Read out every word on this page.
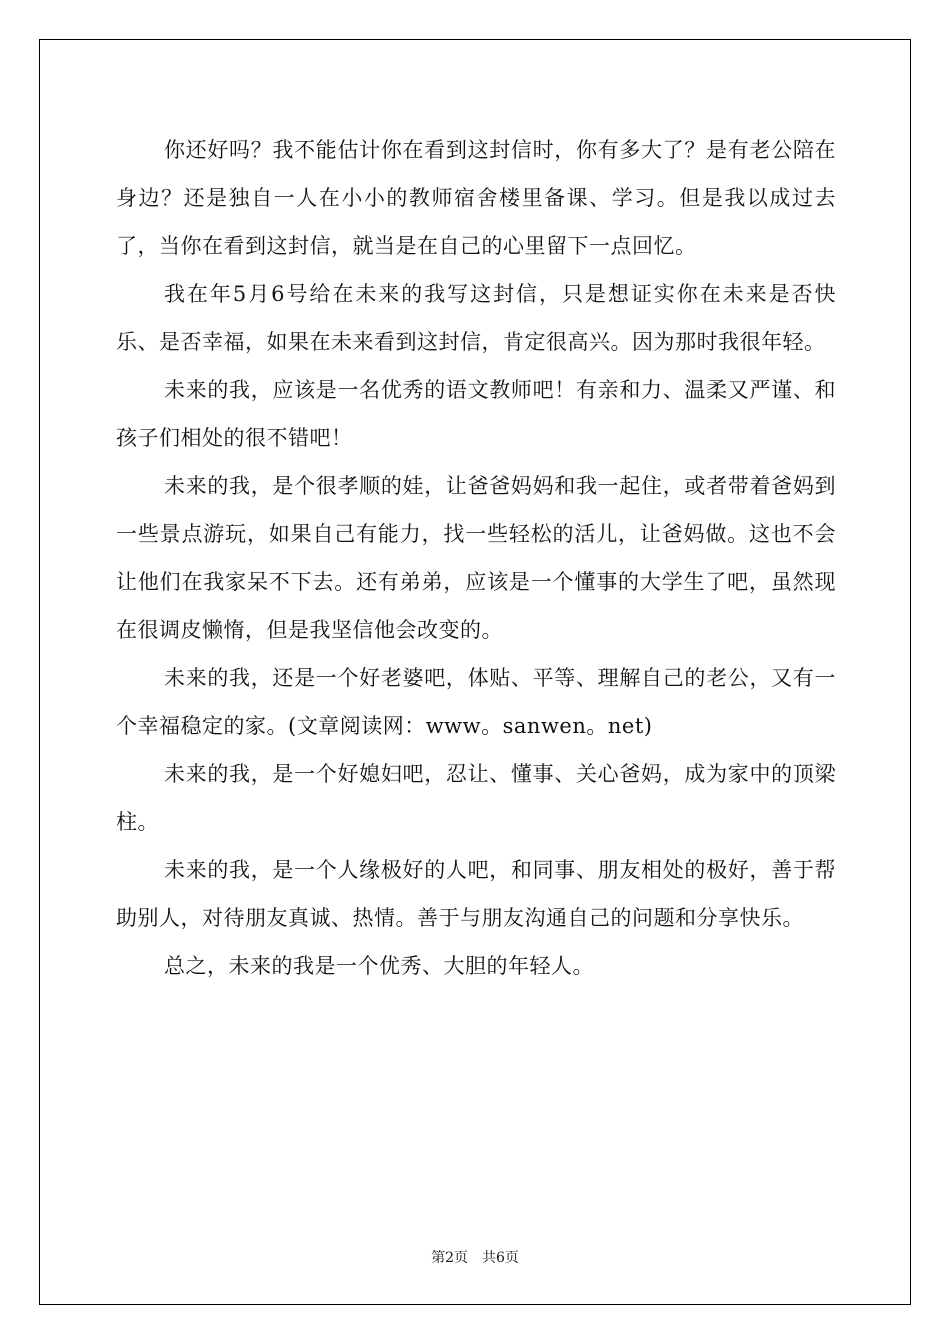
你还好吗？我不能估计你在看到这封信时，你有多大了？是有老公陪在身边？还是独自一人在小小的教师宿舍楼里备课、学习。但是我以成过去了，当你在看到这封信，就当是在自己的心里留下一点回忆。

我在年5月6号给在未来的我写这封信，只是想证实你在未来是否快乐、是否幸福，如果在未来看到这封信，肯定很高兴。因为那时我很年轻。

未来的我，应该是一名优秀的语文教师吧！有亲和力、温柔又严谨、和孩子们相处的很不错吧！

未来的我，是个很孝顺的娃，让爸爸妈妈和我一起住，或者带着爸妈到一些景点游玩，如果自己有能力，找一些轻松的活儿，让爸妈做。这也不会让他们在我家呆不下去。还有弟弟，应该是一个懂事的大学生了吧，虽然现在很调皮懒惰，但是我坚信他会改变的。

未来的我，还是一个好老婆吧，体贴、平等、理解自己的老公，又有一个幸福稳定的家。(文章阅读网：www。sanwen。net)

未来的我，是一个好媳妇吧，忍让、懂事、关心爸妈，成为家中的顶梁柱。

未来的我，是一个人缘极好的人吧，和同事、朋友相处的极好，善于帮助别人，对待朋友真诚、热情。善于与朋友沟通自己的问题和分享快乐。

总之，未来的我是一个优秀、大胆的年轻人。

第2页　共6页
